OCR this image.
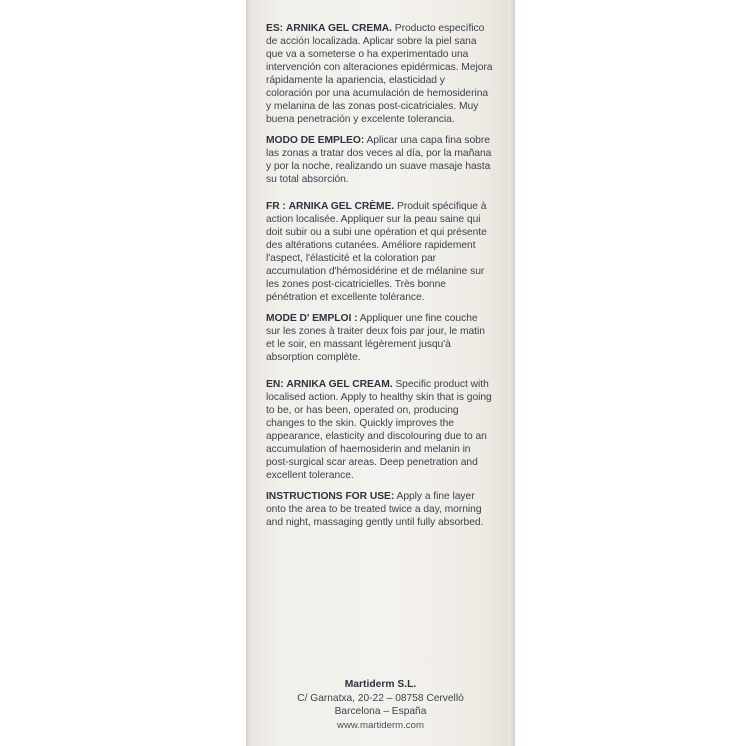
ES: ARNIKA GEL CREMA. Producto específico de acción localizada. Aplicar sobre la piel sana que va a someterse o ha experimentado una intervención con alteraciones epidérmicas. Mejora rápidamente la apariencia, elasticidad y coloración por una acumulación de hemosiderina y melanina de las zonas post-cicatriciales. Muy buena penetración y excelente tolerancia.

MODO DE EMPLEO: Aplicar una capa fina sobre las zonas a tratar dos veces al día, por la mañana y por la noche, realizando un suave masaje hasta su total absorción.

FR : ARNIKA GEL CRÈME. Produit spécifique à action localisée. Appliquer sur la peau saine qui doit subir ou a subi une opération et qui présente des altérations cutanées. Améliore rapidement l'aspect, l'élasticité et la coloration par accumulation d'hémosidérine et de mélanine sur les zones post-cicatricielles. Très bonne pénétration et excellente tolérance.

MODE D' EMPLOI : Appliquer une fine couche sur les zones à traiter deux fois par jour, le matin et le soir, en massant légèrement jusqu'à absorption complète.

EN: ARNIKA GEL CREAM. Specific product with localised action. Apply to healthy skin that is going to be, or has been, operated on, producing changes to the skin. Quickly improves the appearance, elasticity and discolouring due to an accumulation of haemosiderin and melanin in post-surgical scar areas. Deep penetration and excellent tolerance.

INSTRUCTIONS FOR USE: Apply a fine layer onto the area to be treated twice a day, morning and night, massaging gently until fully absorbed.

Martiderm S.L.
C/ Garnatxa, 20-22 – 08758 Cervelló
Barcelona – España
www.martiderm.com
